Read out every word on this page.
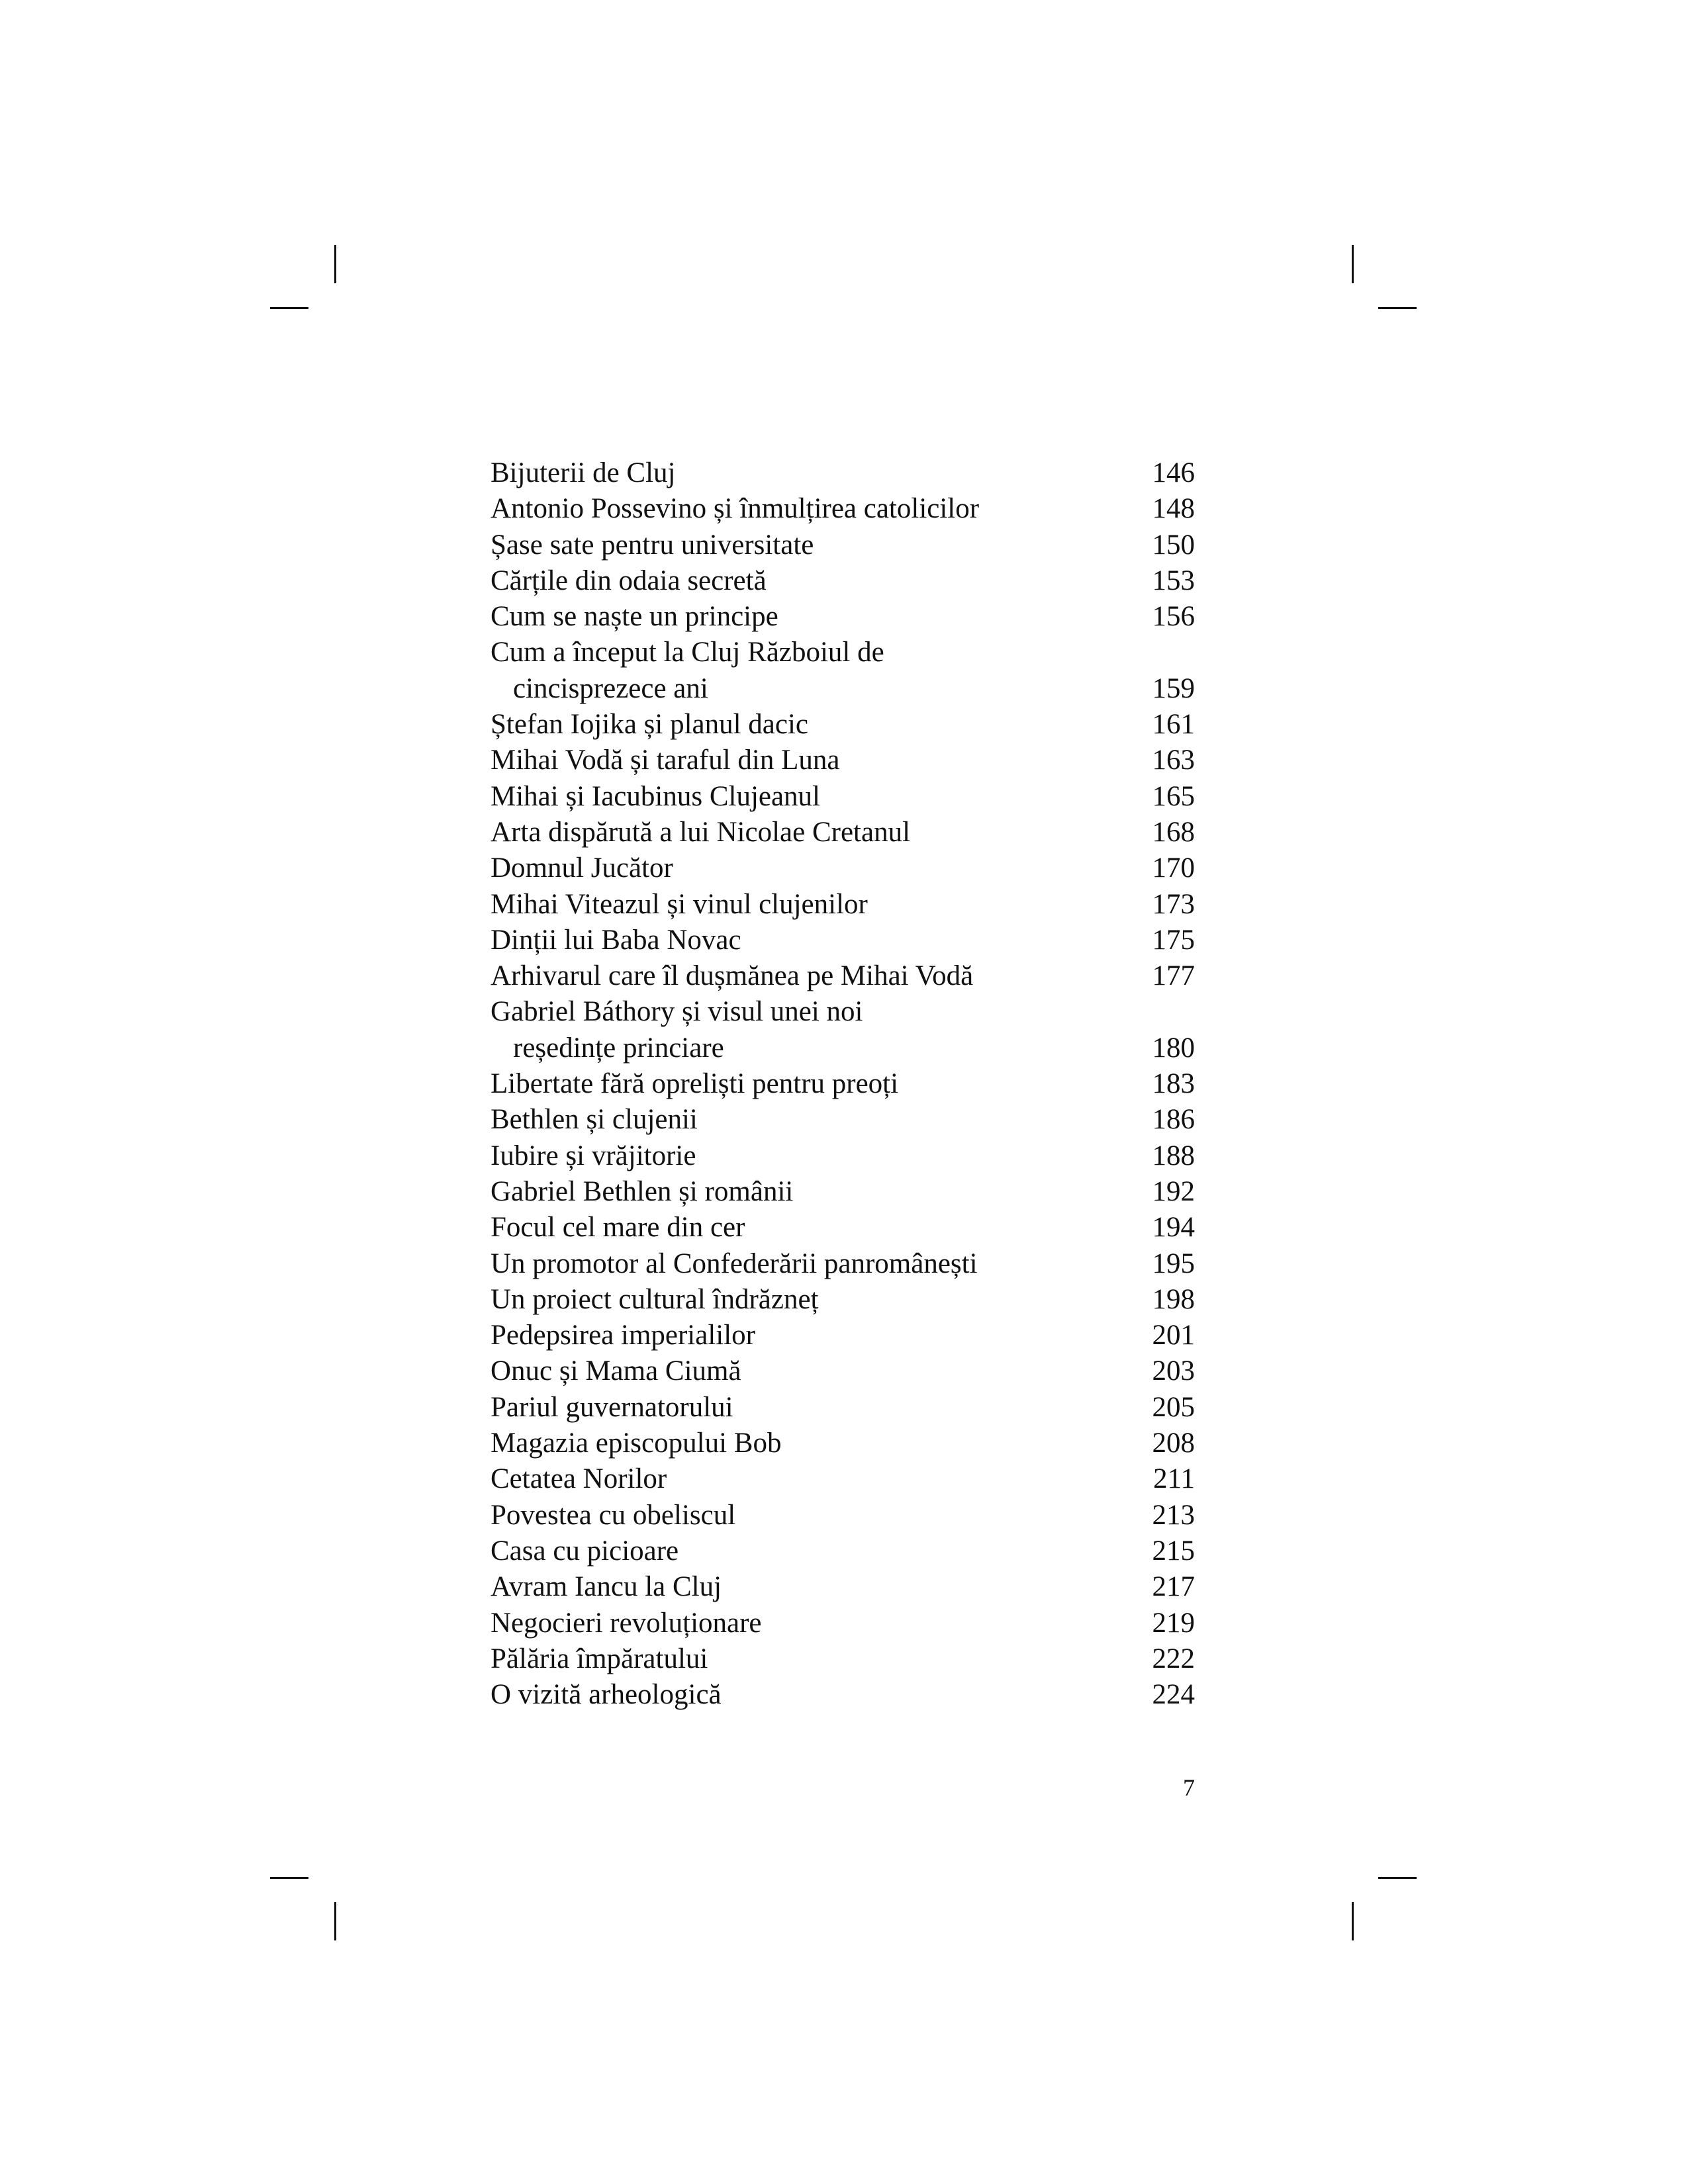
Bijuterii de Cluj	146
Antonio Possevino și înmulțirea catolicilor	148
Șase sate pentru universitate	150
Cărțile din odaia secretă	153
Cum se naște un principe	156
Cum a început la Cluj Războiul de
cincisprezece ani	159
Ștefan Iojika și planul dacic	161
Mihai Vodă și taraful din Luna	163
Mihai și Iacubinus Clujeanul	165
Arta dispărută a lui Nicolae Cretanul	168
Domnul Jucător	170
Mihai Viteazul și vinul clujenilor	173
Dinții lui Baba Novac	175
Arhivarul care îl dușmănea pe Mihai Vodă	177
Gabriel Báthory și visul unei noi
reședințe princiare	180
Libertate fără opreliști pentru preoți	183
Bethlen și clujenii	186
Iubire și vrăjitorie	188
Gabriel Bethlen și românii	192
Focul cel mare din cer	194
Un promotor al Confederării panromânești	195
Un proiect cultural îndrăzneț	198
Pedepsirea imperialilor	201
Onuc și Mama Ciumă	203
Pariul guvernatorului	205
Magazia episcopului Bob	208
Cetatea Norilor	211
Povestea cu obeliscul	213
Casa cu picioare	215
Avram Iancu la Cluj	217
Negocieri revoluționare	219
Pălăria împăratului	222
O vizită arheologică	224
7
